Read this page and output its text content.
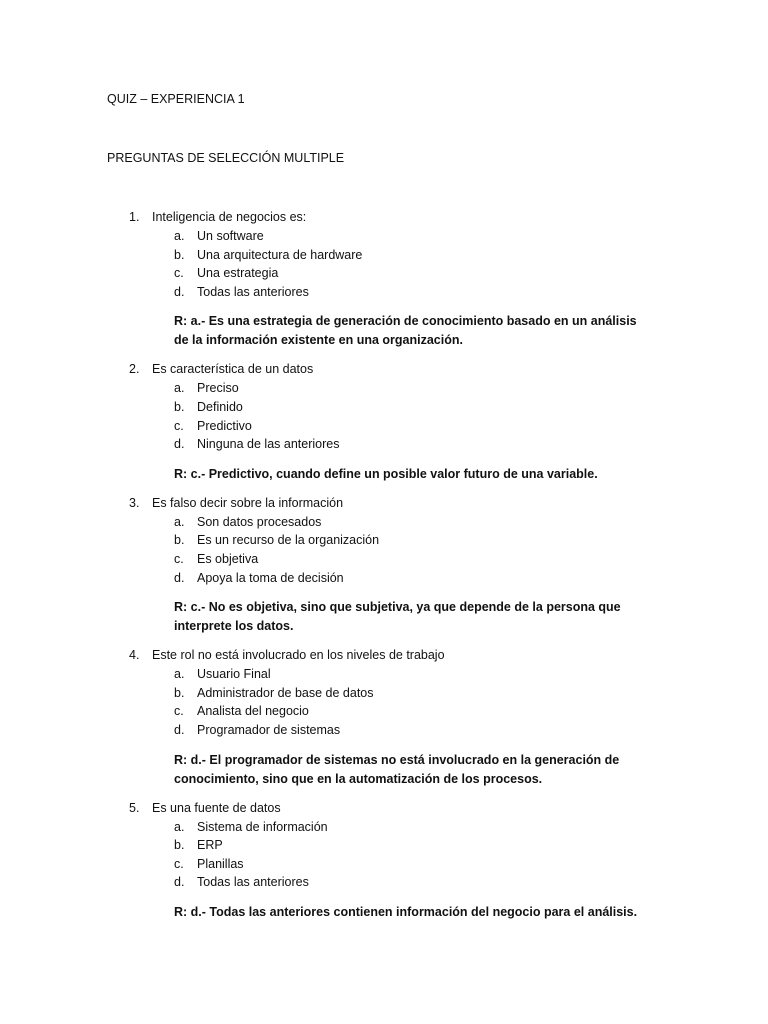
QUIZ – EXPERIENCIA 1
PREGUNTAS DE SELECCIÓN MULTIPLE
1. Inteligencia de negocios es:
a. Un software
b. Una arquitectura de hardware
c. Una estrategia
d. Todas las anteriores
R: a.- Es una estrategia de generación de conocimiento basado en un análisis de la información existente en una organización.
2. Es característica de un datos
a. Preciso
b. Definido
c. Predictivo
d. Ninguna de las anteriores
R: c.- Predictivo, cuando define un posible valor futuro de una variable.
3. Es falso decir sobre la información
a. Son datos procesados
b. Es un recurso de la organización
c. Es objetiva
d. Apoya la toma de decisión
R: c.- No es objetiva, sino que subjetiva, ya que depende de la persona que interprete los datos.
4. Este rol no está involucrado en los niveles de trabajo
a. Usuario Final
b. Administrador de base de datos
c. Analista del negocio
d. Programador de sistemas
R: d.- El programador de sistemas no está involucrado en la generación de conocimiento, sino que en la automatización de los procesos.
5. Es una fuente de datos
a. Sistema de información
b. ERP
c. Planillas
d. Todas las anteriores
R: d.- Todas las anteriores contienen información del negocio para el análisis.
